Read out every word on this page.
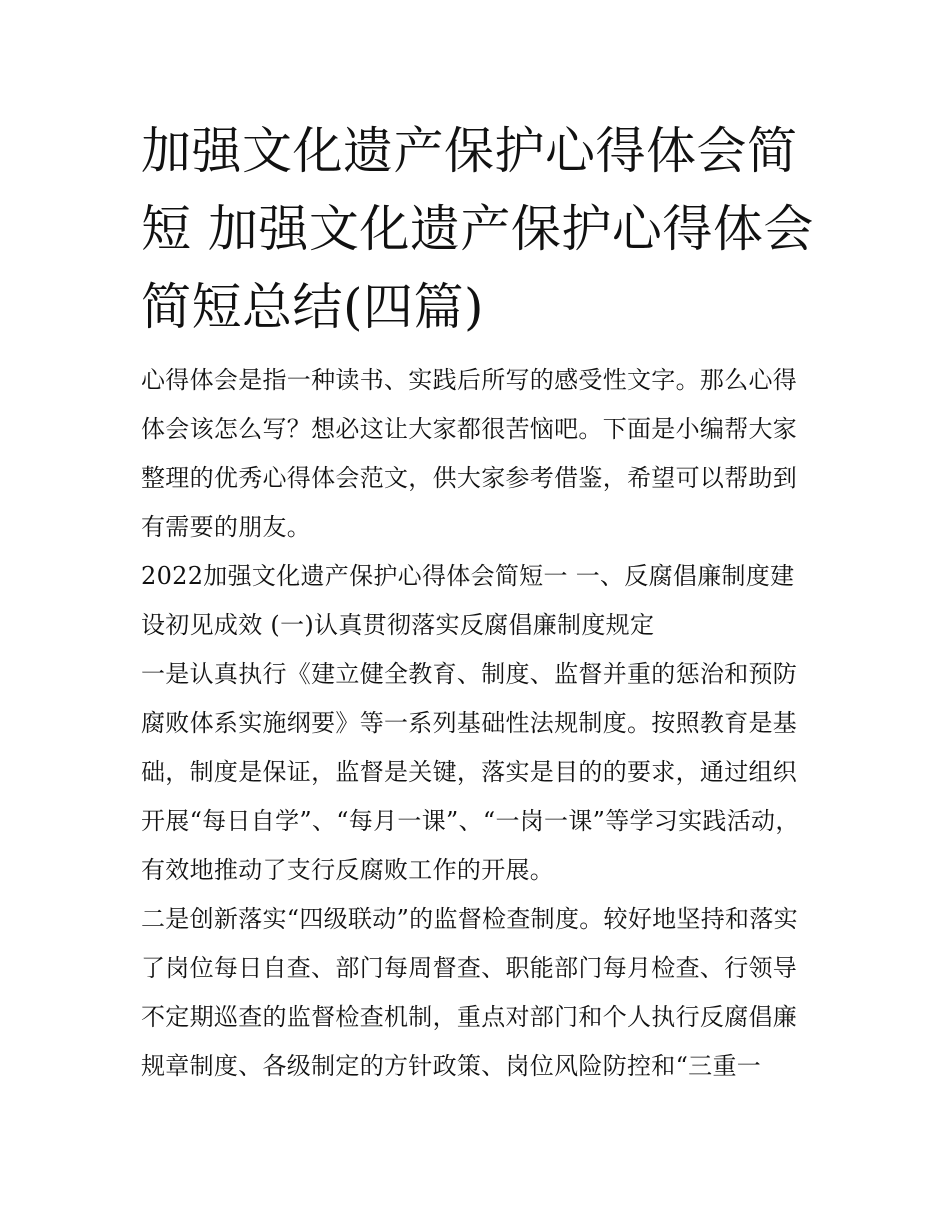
加强文化遗产保护心得体会简短 加强文化遗产保护心得体会简短总结(四篇)

心得体会是指一种读书、实践后所写的感受性文字。那么心得体会该怎么写？想必这让大家都很苦恼吧。下面是小编帮大家整理的优秀心得体会范文，供大家参考借鉴，希望可以帮助到有需要的朋友。

2022加强文化遗产保护心得体会简短一 一、反腐倡廉制度建设初见成效 (一)认真贯彻落实反腐倡廉制度规定

一是认真执行《建立健全教育、制度、监督并重的惩治和预防腐败体系实施纲要》等一系列基础性法规制度。按照教育是基础，制度是保证，监督是关键，落实是目的的要求，通过组织开展“每日自学”、“每月一课”、“一岗一课”等学习实践活动，有效地推动了支行反腐败工作的开展。

二是创新落实“四级联动”的监督检查制度。较好地坚持和落实了岗位每日自查、部门每周督查、职能部门每月检查、行领导不定期巡查的监督检查机制，重点对部门和个人执行反腐倡廉规章制度、各级制定的方针政策、岗位风险防控和“三重一
